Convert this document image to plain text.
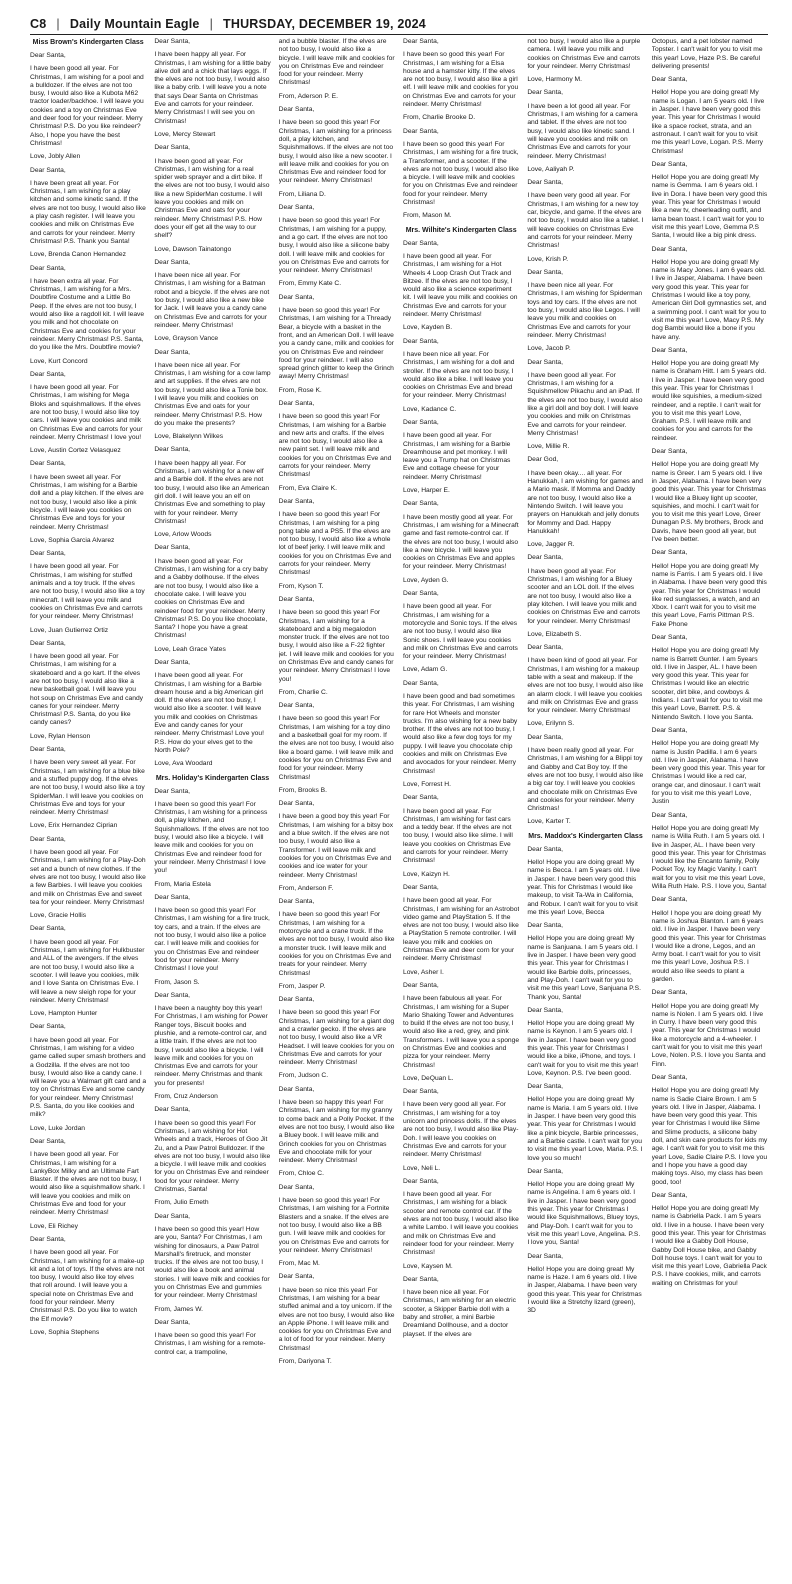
C8 | Daily Mountain Eagle | THURSDAY, DECEMBER 19, 2024

Miss Brown's Kindergarten Class

Dear Santa,

I have been good all year. For Christmas, I am wishing for a pool and a bulldozer. If the elves are not too busy, I would also like a Kubota M62 tractor loader/backhoe. I will leave you cookies and a toy on Christmas Eve and deer food for your reindeer. Merry Christmas! P.S. Do you like reindeer? Also, I hope you have the best Christmas!

Love, Jobly Allen

Dear Santa,

I have been great all year. For Christmas, I am wishing for a play kitchen and some kinetic sand. If the elves are not too busy, I would also like a play cash register. I will leave you cookies and milk on Christmas Eve and carrots for your reindeer. Merry Christmas! P.S. Thank you Santa!

Love, Brenda Canon Hernandez

Dear Santa,

I have been extra all year. For Christmas, I am wishing for a Mrs. Doubtfire Costume and a Little Bo Peep. If the elves are not too busy, I would also like a ragdoll kit. I will leave you milk and hot chocolate on Christmas Eve and cookies for your reindeer. Merry Christmas! P.S. Santa, do you like the Mrs. Doubtfire movie?

Love, Kurt Concord

Dear Santa,

I have been good all year. For Christmas, I am wishing for Mega Bloks and squishmallows. If the elves are not too busy, I would also like toy cars. I will leave you cookies and milk on Christmas Eve and carrots for your reindeer. Merry Christmas! I love you!

Love, Austin Cortez Velasquez

Dear Santa,

I have been sweet all year. For Christmas, I am wishing for a Barbie doll and a play kitchen. If the elves are not too busy, I would also like a pink bicycle. I will leave you cookies on Christmas Eve and toys for your reindeer. Merry Christmas!

Love, Sophia Garcia Alvarez

Dear Santa,

I have been good all year. For Christmas, I am wishing for stuffed animals and a toy truck. If the elves are not too busy, I would also like a toy minecraft. I will leave you milk and cookies on Christmas Eve and carrots for your reindeer. Merry Christmas!

Love, Juan Gutierrez Ortiz

Dear Santa,

I have been good all year. For Christmas, I am wishing for a skateboard and a go kart. If the elves are not too busy, I would also like a new basketball goal. I will leave you hot soup on Christmas Eve and candy canes for your reindeer. Merry Christmas! P.S. Santa, do you like candy canes?

Love, Rylan Henson

Dear Santa,

I have been very sweet all year. For Christmas, I am wishing for a blue bike and a stuffed puppy dog. If the elves are not too busy, I would also like a toy SpiderMan. I will leave you cookies on Christmas Eve and toys for your reindeer. Merry Christmas!

Love, Erix Hernandez Ciprian

Dear Santa,

I have been good all year. For Christmas, I am wishing for a Play-Doh set and a bunch of new clothes. If the elves are not too busy, I would also like a few Barbies. I will leave you cookies and milk on Christmas Eve and sweet tea for your reindeer. Merry Christmas!

Love, Gracie Hollis

Dear Santa,

I have been good all year. For Christmas, I am wishing for Hulkbuster and ALL of the avengers. If the elves are not too busy, I would also like a scooter. I will leave you cookies, milk and I love Santa on Christmas Eve. I will leave a new sleigh rope for your reindeer. Merry Christmas!

Love, Hampton Hunter

Dear Santa,

I have been good all year. For Christmas, I am wishing for a video game called super smash brothers and a Godzilla. If the elves are not too busy, I would also like a candy cane. I will leave you a Walmart gift card and a toy on Christmas Eve and some candy for your reindeer. Merry Christmas! P.S. Santa, do you like cookies and milk?

Love, Luke Jordan

Dear Santa,

I have been good all year. For Christmas, I am wishing for a LankyBox Milky and an Ultimate Fart Blaster. If the elves are not too busy, I would also like a squishmallow shark. I will leave you cookies and milk on Christmas Eve and food for your reindeer. Merry Christmas!

Love, Eli Richey

Dear Santa,

I have been good all year. For Christmas, I am wishing for a make-up kit and a lot of toys. If the elves are not too busy, I would also like toy elves that roll around. I will leave you a special note on Christmas Eve and food for your reindeer. Merry Christmas! P.S. Do you like to watch the Elf movie?

Love, Sophia Stephens

Dear Santa,

I have been happy all year. For Christmas, I am wishing for a little baby alive doll and a chick that lays eggs. If the elves are not too busy, I would also like a baby crib. I will leave you a note that says Dear Santa on Christmas Eve and carrots for your reindeer. Merry Christmas! I will see you on Christmas!

Love, Mercy Stewart

Dear Santa,

I have been good all year. For Christmas, I am wishing for a real spider web sprayer and a dirt bike. If the elves are not too busy, I would also like a new SpiderMan costume. I will leave you cookies and milk on Christmas Eve and oats for your reindeer. Merry Christmas! P.S. How does your elf get all the way to our shelf?

Love, Dawson Tainatongo

Dear Santa,

I have been nice all year. For Christmas, I am wishing for a Batman robot and a bicycle. If the elves are not too busy, I would also like a new bike for Jack. I will leave you a candy cane on Christmas Eve and carrots for your reindeer. Merry Christmas!

Love, Grayson Vance

Dear Santa,

I have been nice all year. For Christmas, I am wishing for a cow lamp and art supplies. If the elves are not too busy, I would also like a Tonie box. I will leave you milk and cookies on Christmas Eve and oats for your reindeer. Merry Christmas! P.S. How do you make the presents?

Love, Blakelynn Wilkes

Dear Santa,

I have been happy all year. For Christmas, I am wishing for a new elf and a Barbie doll. If the elves are not too busy, I would also like an American girl doll. I will leave you an elf on Christmas Eve and something to play with for your reindeer. Merry Christmas!

Love, Arlow Woods

Dear Santa,

I have been good all year. For Christmas, I am wishing for a cry baby and a Gabby dollhouse. If the elves are not too busy, I would also like a chocolate cake. I will leave you cookies on Christmas Eve and reindeer food for your reindeer. Merry Christmas! P.S. Do you like chocolate, Santa? I hope you have a great Christmas!

Love, Leah Grace Yates

Dear Santa,

I have been good all year. For Christmas, I am wishing for a Barbie dream house and a big American girl doll. If the elves are not too busy, I would also like a scooter. I will leave you milk and cookies on Christmas Eve and candy canes for your reindeer. Merry Christmas! Love you! P.S. How do your elves get to the North Pole?

Love, Ava Woodard

Mrs. Holiday's Kindergarten Class

Dear Santa,

I have been so good this year! For Christmas, I am wishing for a princess doll, a play kitchen, and Squishmallows. If the elves are not too busy, I would also like a bicycle. I will leave milk and cookies for you on Christmas Eve and reindeer food for your reindeer. Merry Christmas! I love you!

From, Maria Estela

Dear Santa,

I have been so good this year! For Christmas, I am wishing for a fire truck, toy cars, and a train. If the elves are not too busy, I would also like a police car. I will leave milk and cookies for you on Christmas Eve and reindeer food for your reindeer. Merry Christmas! I love you!

From, Jason S.

Dear Santa,

I have been a naughty boy this year! For Christmas, I am wishing for Power Ranger toys, Biscuit books and plushie, and a remote-control car, and a little train. If the elves are not too busy, I would also like a bicycle. I will leave milk and cookies for you on Christmas Eve and carrots for your reindeer. Merry Christmas and thank you for presents!

From, Cruz Anderson

Dear Santa,

I have been so good this year! For Christmas, I am wishing for Hot Wheels and a track, Heroes of Goo Jit Zu, and a Paw Patrol Bulldozer. If the elves are not too busy, I would also like a bicycle. I will leave milk and cookies for you on Christmas Eve and reindeer food for your reindeer. Merry Christmas, Santa!

From, Julio Emeth

Dear Santa,

I have been so good this year! How are you, Santa? For Christmas, I am wishing for dinosaurs, a Paw Patrol Marshall's firetruck, and monster trucks. If the elves are not too busy, I would also like a book and animal stories. I will leave milk and cookies for you on Christmas Eve and gummies for your reindeer. Merry Christmas!

From, James W.

Dear Santa,

I have been so good this year! For Christmas, I am wishing for a remote-control car, a trampoline,

and a bubble blaster. If the elves are not too busy, I would also like a bicycle. I will leave milk and cookies for you on Christmas Eve and reindeer food for your reindeer. Merry Christmas!

From, Aderson P. E.

Dear Santa,

I have been so good this year! For Christmas, I am wishing for a princess doll, a play kitchen, and Squishmallows. If the elves are not too busy, I would also like a new scooter. I will leave milk and cookies for you on Christmas Eve and reindeer food for your reindeer. Merry Christmas!

From, Liliana D.

Dear Santa,

I have been so good this year! For Christmas, I am wishing for a puppy, and a go cart. If the elves are not too busy, I would also like a silicone baby doll. I will leave milk and cookies for you on Christmas Eve and carrots for your reindeer. Merry Christmas!

From, Emmy Kate C.

Dear Santa,

I have been so good this year! For Christmas, I am wishing for a Thready Bear, a bicycle with a basket in the front, and an American Doll. I will leave you a candy cane, milk and cookies for you on Christmas Eve and reindeer food for your reindeer. I will also spread grinch glitter to keep the Grinch away! Merry Christmas!

From, Rose K.

Dear Santa,

I have been so good this year! For Christmas, I am wishing for a Barbie and new arts and crafts. If the elves are not too busy, I would also like a new paint set. I will leave milk and cookies for you on Christmas Eve and carrots for your reindeer. Merry Christmas!

From, Eva Claire K.

Dear Santa,

I have been so good this year! For Christmas, I am wishing for a ping pong table and a PS5. If the elves are not too busy, I would also like a whole lot of beef jerky. I will leave milk and cookies for you on Christmas Eve and carrots for your reindeer. Merry Christmas!

From, Kyson T.

Dear Santa,

I have been so good this year! For Christmas, I am wishing for a skateboard and a big megalodon monster truck. If the elves are not too busy, I would also like a F-22 fighter jet. I will leave milk and cookies for you on Christmas Eve and candy canes for your reindeer. Merry Christmas! I love you!

From, Charlie C.

Dear Santa,

I have been so good this year! For Christmas, I am wishing for a toy dino and a basketball goal for my room. If the elves are not too busy, I would also like a board game. I will leave milk and cookies for you on Christmas Eve and food for your reindeer. Merry Christmas!

From, Brooks B.

Dear Santa,

I have been a good boy this year! For Christmas, I am wishing for a bitsy box and a blue switch. If the elves are not too busy, I would also like a Transformer. I will leave milk and cookies for you on Christmas Eve and cookies and ice water for your reindeer. Merry Christmas!

From, Anderson F.

Dear Santa,

I have been so good this year! For Christmas, I am wishing for a motorcycle and a crane truck. If the elves are not too busy, I would also like a monster truck. I will leave milk and cookies for you on Christmas Eve and treats for your reindeer. Merry Christmas!

From, Jasper P.

Dear Santa,

I have been so good this year! For Christmas, I am wishing for a giant dog and a crawler gecko. If the elves are not too busy, I would also like a VR Headset. I will leave cookies for you on Christmas Eve and carrots for your reindeer. Merry Christmas!

From, Judson C.

Dear Santa,

I have been so happy this year! For Christmas, I am wishing for my granny to come back and a Polly Pocket. If the elves are not too busy, I would also like a Bluey book. I will leave milk and Grinch cookies for you on Christmas Eve and chocolate milk for your reindeer. Merry Christmas!

From, Chloe C.

Dear Santa,

I have been so good this year! For Christmas, I am wishing for a Fortnite Blasters and a snake. If the elves are not too busy, I would also like a BB gun. I will leave milk and cookies for you on Christmas Eve and carrots for your reindeer. Merry Christmas!

From, Mac M.

Dear Santa,

I have been so nice this year! For Christmas, I am wishing for a bear stuffed animal and a toy unicorn. If the elves are not too busy, I would also like an Apple iPhone. I will leave milk and cookies for you on Christmas Eve and a lot of food for your reindeer. Merry Christmas!

From, Dariyona T.

Dear Santa,

I have been so good this year! For Christmas, I am wishing for a Elsa house and a hamster kitty. If the elves are not too busy, I would also like a girl elf. I will leave milk and cookies for you on Christmas Eve and carrots for your reindeer. Merry Christmas!

From, Charlie Brooke D.

Dear Santa,

I have been so good this year! For Christmas, I am wishing for a fire truck, a Transformer, and a scooter. If the elves are not too busy, I would also like a bicycle. I will leave milk and cookies for you on Christmas Eve and reindeer food for your reindeer. Merry Christmas!

From, Mason M.

Mrs. Wilhite's Kindergarten Class

Dear Santa,

I have been good all year. For Christmas, I am wishing for a Hot Wheels 4 Loop Crash Out Track and Bitzee. If the elves are not too busy, I would also like a science experiment kit. I will leave you milk and cookies on Christmas Eve and carrots for your reindeer. Merry Christmas!

Love, Kayden B.

Dear Santa,

I have been nice all year. For Christmas, I am wishing for a doll and stroller. If the elves are not too busy, I would also like a bike. I will leave you cookies on Christmas Eve and bread for your reindeer. Merry Christmas!

Love, Kadance C.

Dear Santa,

I have been good all year. For Christmas, I am wishing for a Barbie Dreamhouse and pet monkey. I will leave you a Trump hat on Christmas Eve and cottage cheese for your reindeer. Merry Christmas!

Love, Harper E.

Dear Santa,

I have been mostly good all year. For Christmas, I am wishing for a Minecraft game and fast remote-control car. If the elves are not too busy, I would also like a new bicycle. I will leave you cookies on Christmas Eve and apples for your reindeer. Merry Christmas!

Love, Ayden G.

Dear Santa,

I have been good all year. For Christmas, I am wishing for a motorcycle and Sonic toys. If the elves are not too busy, I would also like Sonic shoes. I will leave you cookies and milk on Christmas Eve and carrots for your reindeer. Merry Christmas!

Love, Adam G.

Dear Santa,

I have been good and bad sometimes this year. For Christmas, I am wishing for rare Hot Wheels and monster trucks. I'm also wishing for a new baby brother. If the elves are not too busy, I would also like a few dog toys for my puppy. I will leave you chocolate chip cookies and milk on Christmas Eve and avocados for your reindeer. Merry Christmas!

Love, Forrest H.

Dear Santa,

I have been good all year. For Christmas, I am wishing for fast cars and a teddy bear. If the elves are not too busy, I would also like slime. I will leave you cookies on Christmas Eve and carrots for your reindeer. Merry Christmas!

Love, Kaizyn H.

Dear Santa,

I have been good all year. For Christmas, I am wishing for an Astrobot video game and PlayStation 5. If the elves are not too busy, I would also like a PlayStation 5 remote controller. I will leave you milk and cookies on Christmas Eve and deer corn for your reindeer. Merry Christmas!

Love, Asher I.

Dear Santa,

I have been fabulous all year. For Christmas, I am wishing for a Super Mario Shaking Tower and Adventures to build If the elves are not too busy, I would also like a red, grey, and pink Transformers. I will leave you a sponge on Christmas Eve and cookies and pizza for your reindeer. Merry Christmas!

Love, DeQuan L.

Dear Santa,

I have been very good all year. For Christmas, I am wishing for a toy unicorn and princess dolls. If the elves are not too busy, I would also like Play-Doh. I will leave you cookies on Christmas Eve and carrots for your reindeer. Merry Christmas!

Love, Neli L.

Dear Santa,

I have been good all year. For Christmas, I am wishing for a black scooter and remote control car. If the elves are not too busy, I would also like a white Lambo. I will leave you cookies and milk on Christmas Eve and reindeer food for your reindeer. Merry Christmas!

Love, Kaysen M.

Dear Santa,

I have been nice all year. For Christmas, I am wishing for an electric scooter, a Skipper Barbie doll with a baby and stroller, a mini Barbie Dreamland Dollhouse, and a doctor playset. If the elves are

not too busy, I would also like a purple camera. I will leave you milk and cookies on Christmas Eve and carrots for your reindeer. Merry Christmas!

Love, Harmony M.

Dear Santa,

I have been a lot good all year. For Christmas, I am wishing for a camera and tablet. If the elves are not too busy, I would also like kinetic sand. I will leave you cookies and milk on Christmas Eve and carrots for your reindeer. Merry Christmas!

Love, Aaliyah P.

Dear Santa,

I have been very good all year. For Christmas, I am wishing for a new toy car, bicycle, and game. If the elves are not too busy, I would also like a tablet. I will leave cookies on Christmas Eve and carrots for your reindeer. Merry Christmas!

Love, Krish P.

Dear Santa,

I have been nice all year. For Christmas, I am wishing for Spiderman toys and toy cars. If the elves are not too busy, I would also like Legos. I will leave you milk and cookies on Christmas Eve and carrots for your reindeer. Merry Christmas!

Love, Jacob P.

Dear Santa,

I have been good all year. For Christmas, I am wishing for a Squishmellow Pikachu and an iPad. If the elves are not too busy, I would also like a girl doll and boy doll. I will leave you cookies and milk on Christmas Eve and carrots for your reindeer. Merry Christmas!

Love, Millie R.

Dear God,

I have been okay.... all year. For Hanukkah, I am wishing for games and a Mario mask. If Momma and Daddy are not too busy, I would also like a Nintendo Switch. I will leave you prayers on Hanukkah and jelly donuts for Mommy and Dad. Happy Hanukkah!

Love, Jagger R.

Dear Santa,

I have been good all year. For Christmas, I am wishing for a Bluey scooter and an LOL doll. If the elves are not too busy, I would also like a play kitchen. I will leave you milk and cookies on Christmas Eve and carrots for your reindeer. Merry Christmas!

Love, Elizabeth S.

Dear Santa,

I have been kind of good all year. For Christmas, I am wishing for a makeup table with a seat and makeup. If the elves are not too busy, I would also like an alarm clock. I will leave you cookies and milk on Christmas Eve and grass for your reindeer. Merry Christmas!

Love, Erilynn S.

Dear Santa,

I have been really good all year. For Christmas, I am wishing for a Blippi toy and Gabby and Cat Boy toy. If the elves are not too busy, I would also like a big car toy. I will leave you cookies and chocolate milk on Christmas Eve and cookies for your reindeer. Merry Christmas!

Love, Karter T.

Mrs. Maddox's Kindergarten Class

Dear Santa,

Hello! Hope you are doing great! My name is Becca. I am 5 years old. I live in Jasper. I have been very good this year. This for Christmas I would like makeup, to visit Ta-Wa in California, and Robux. I can't wait for you to visit me this year! Love, Becca

Dear Santa,

Hello! Hope you are doing great! My name is Sanjuana. I am 5 years old. I live in Jasper. I have been very good this year. This year for Christmas I would like Barbie dolls, princesses, and Play-Doh. I can't wait for you to visit me this year! Love, Sanjuana P.S. Thank you, Santa!

Dear Santa,

Hello! Hope you are doing great! My name is Keynon. I am 5 years old. I live in Jasper. I have been very good this year. This year for Christmas I would like a bike, iPhone, and toys. I can't wait for you to visit me this year! Love, Keynon. P.S. I've been good.

Dear Santa,

Hello! Hope you are doing great! My name is Maria. I am 5 years old. I live in Jasper. I have been very good this year. This year for Christmas I would like a pink bicycle, Barbie princesses, and a Barbie castle. I can't wait for you to visit me this year! Love, Maria. P.S. I love you so much!

Dear Santa,

Hello! Hope you are doing great! My name is Angelina. I am 6 years old. I live in Jasper. I have been very good this year. This year for Christmas I would like Squishmallows, Bluey toys, and Play-Doh. I can't wait for you to visit me this year! Love, Angelina. P.S. I love you, Santa!

Dear Santa,

Hello! Hope you are doing great! My name is Haze. I am 6 years old. I live in Jasper, Alabama. I have been very good this year. This year for Christmas I would like a Stretchy lizard (green), 3D

Octopus, and a pet lobster named Topster. I can't wait for you to visit me this year! Love, Haze P.S. Be careful delivering presents!

Dear Santa,

Hello! Hope you are doing great! My name is Logan. I am 5 years old. I live in Jasper. I have been very good this year. This year for Christmas I would like a space rocket, strata, and an astronaut. I can't wait for you to visit me this year! Love, Logan. P.S. Merry Christmas!

Dear Santa,

Hello! Hope you are doing great! My name is Gemma. I am 6 years old. I live in Dora. I have been very good this year. This year for Christmas I would like a new tv, cheerleading outfit, and lama bean toast. I can't wait for you to visit me this year! Love, Gemma P.S Santa, I would like a big pink dress.

Dear Santa,

Hello! Hope you are doing great! My name is Macy Jones. I am 6 years old. I live in Jasper, Alabama. I have been very good this year. This year for Christmas I would like a toy pony, American Girl Doll gymnastics set, and a swimming pool. I can't wait for you to visit me this year! Love, Macy P.S. My dog Bambi would like a bone if you have any.

Dear Santa,

Hello! Hope you are doing great! My name is Graham Hitt. I am 5 years old. I live in Jasper. I have been very good this year. This year for Christmas I would like squishies, a medium-sized reindeer, and a reptile. I can't wait for you to visit me this year! Love, Graham. P.S. I will leave milk and cookies for you and carrots for the reindeer.

Dear Santa,

Hello! Hope you are doing great! My name is Greer. I am 5 years old. I live in Jasper, Alabama. I have been very good this year. This year for Christmas I would like a Bluey light up scooter, squishies, and mochi. I can't wait for you to visit me this year! Love, Greer Dunagan P.S. My brothers, Brock and Davis, have been good all year, but I've been better.

Dear Santa,

Hello! Hope you are doing great! My name is Farris. I am 5 years old. I live in Alabama. I have been very good this year. This year for Christmas I would like red sunglasses, a watch, and an Xbox. I can't wait for you to visit me this year! Love, Farris Pittman P.S. Fake Phone

Dear Santa,

Hello! Hope you are doing great! My name is Barrett Gunter. I am 5years old. I live in Jasper, AL. I have been very good this year. This year for Christmas I would like an electric scooter, dirt bike, and cowboys & Indians. I can't wait for you to visit me this year! Love, Barrett. P.S. & Nintendo Switch. I love you Santa.

Dear Santa,

Hello! Hope you are doing great! My name is Justin Padilla. I am 6 years old. I live in Jasper, Alabama. I have been very good this year. This year for Christmas I would like a red car, orange car, and dinosaur. I can't wait for you to visit me this year! Love, Justin

Dear Santa,

Hello! Hope you are doing great! My name is Willa Ruth. I am 5 years old. I live in Jasper, AL. I have been very good this year. This year for Christmas I would like the Encanto family, Polly Pocket Toy, Icy Magic Vanity. I can't wait for you to visit me this year! Love, Willa Ruth Hale. P.S. I love you, Santa!

Dear Santa,

Hello! I hope you are doing great! My name is Joshua Blanton. I am 6 years old. I live in Jasper. I have been very good this year. This year for Christmas I would like a drone, Legos, and an Army boat. I can't wait for you to visit me this year! Love, Joshua P.S. I would also like seeds to plant a garden.

Dear Santa,

Hello! Hope you are doing great! My name is Nolen. I am 5 years old. I live in Curry. I have been very good this year. This year for Christmas I would like a motorcycle and a 4-wheeler. I can't wait for you to visit me this year! Love, Nolen. P.S. I love you Santa and Finn.

Dear Santa,

Hello! Hope you are doing great! My name is Sadie Claire Brown. I am 5 years old. I live in Jasper, Alabama. I have been very good this year. This year for Christmas I would like Slime and Slime products, a silicone baby doll, and skin care products for kids my age. I can't wait for you to visit me this year! Love, Sadie Claire P.S. I love you and I hope you have a good day making toys. Also, my class has been good, too!

Dear Santa,

Hello! Hope you are doing great! My name is Gabriella Pack. I am 5 years old. I live in a house. I have been very good this year. This year for Christmas I would like a Gabby Doll House, Gabby Doll House bike, and Gabby Doll house toys. I can't wait for you to visit me this year! Love, Gabriella Pack P.S. I have cookies, milk, and carrots waiting on Christmas for you!
